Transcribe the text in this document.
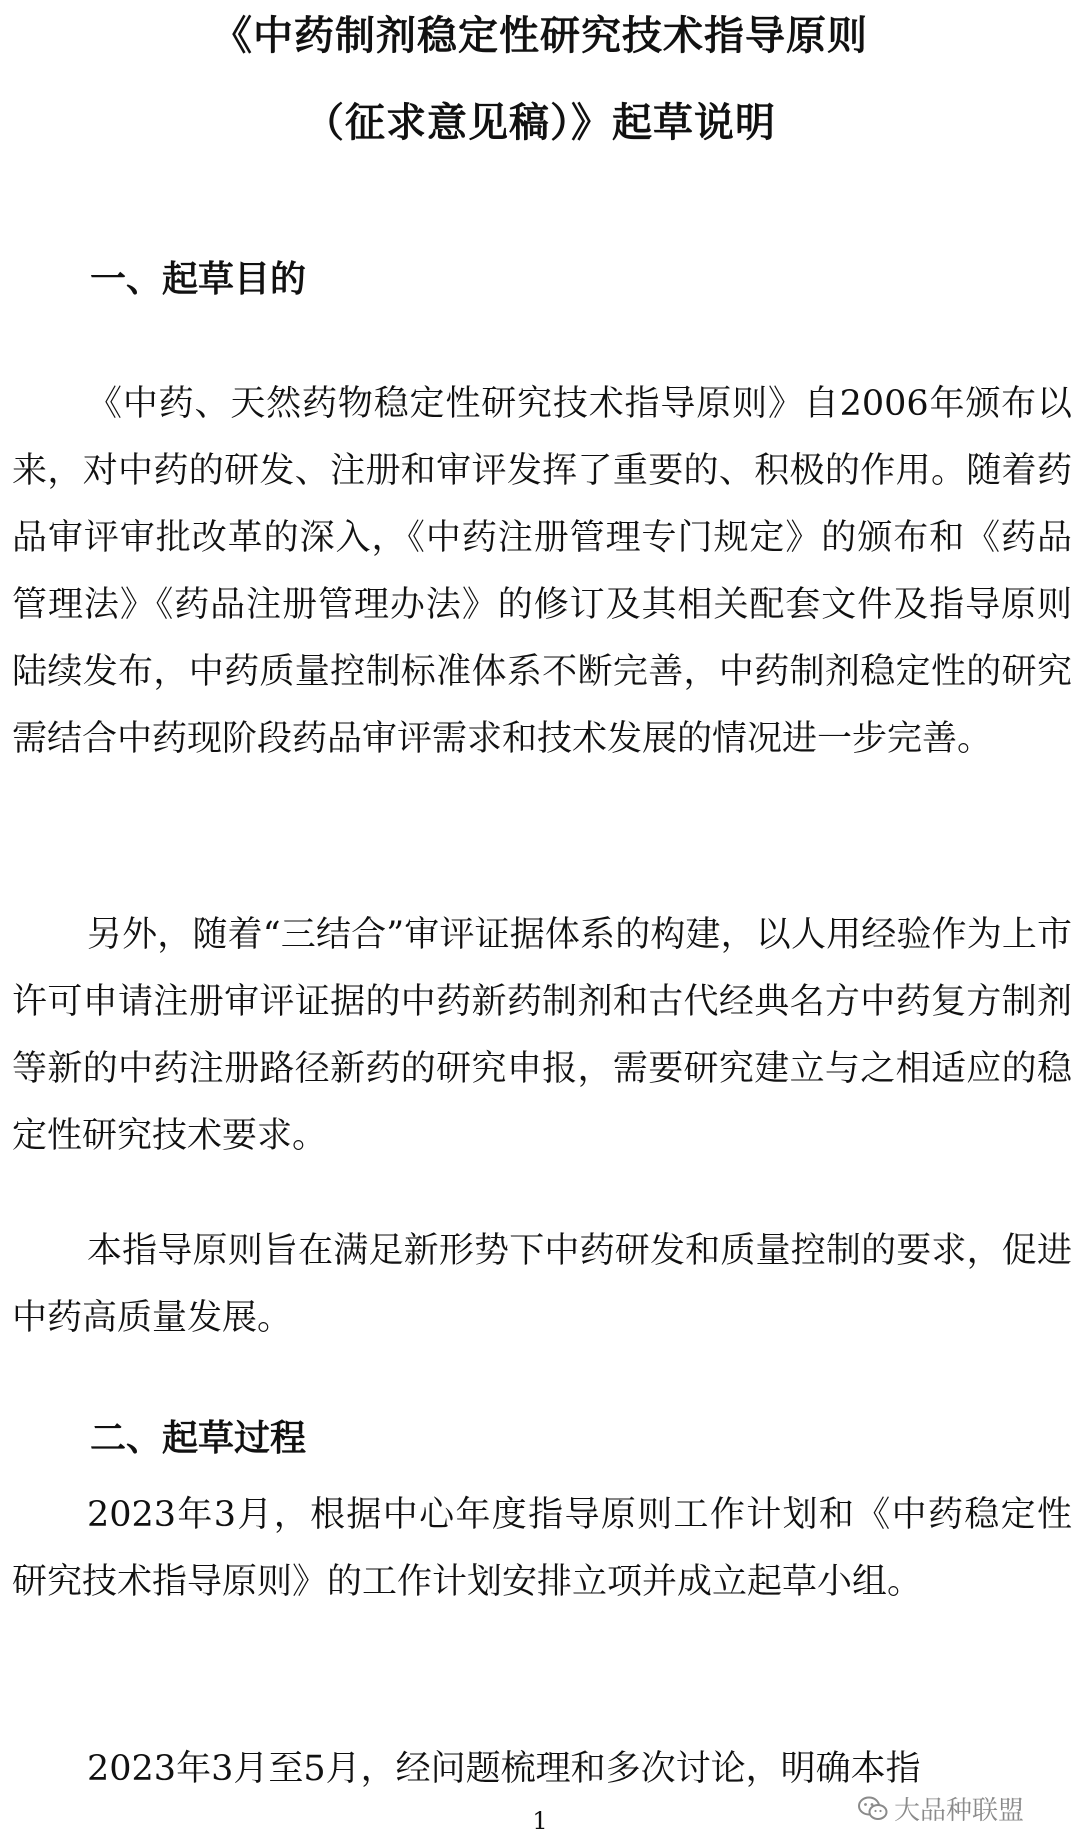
《中药制剂稳定性研究技术指导原则
（征求意见稿）》起草说明
一、起草目的
《中药、天然药物稳定性研究技术指导原则》自2006年颁布以来，对中药的研发、注册和审评发挥了重要的、积极的作用。随着药品审评审批改革的深入，《中药注册管理专门规定》的颁布和《药品管理法》《药品注册管理办法》的修订及其相关配套文件及指导原则陆续发布，中药质量控制标准体系不断完善，中药制剂稳定性的研究需结合中药现阶段药品审评需求和技术发展的情况进一步完善。
另外，随着“三结合”审评证据体系的构建，以人用经验作为上市许可申请注册审评证据的中药新药制剂和古代经典名方中药复方制剂等新的中药注册路径新药的研究申报，需要研究建立与之相适应的稳定性研究技术要求。
本指导原则旨在满足新形势下中药研发和质量控制的要求，促进中药高质量发展。
二、起草过程
2023年3月，根据中心年度指导原则工作计划和《中药稳定性研究技术指导原则》的工作计划安排立项并成立起草小组。
2023年3月至5月，经问题梳理和多次讨论，明确本指
大品种联盟
1
